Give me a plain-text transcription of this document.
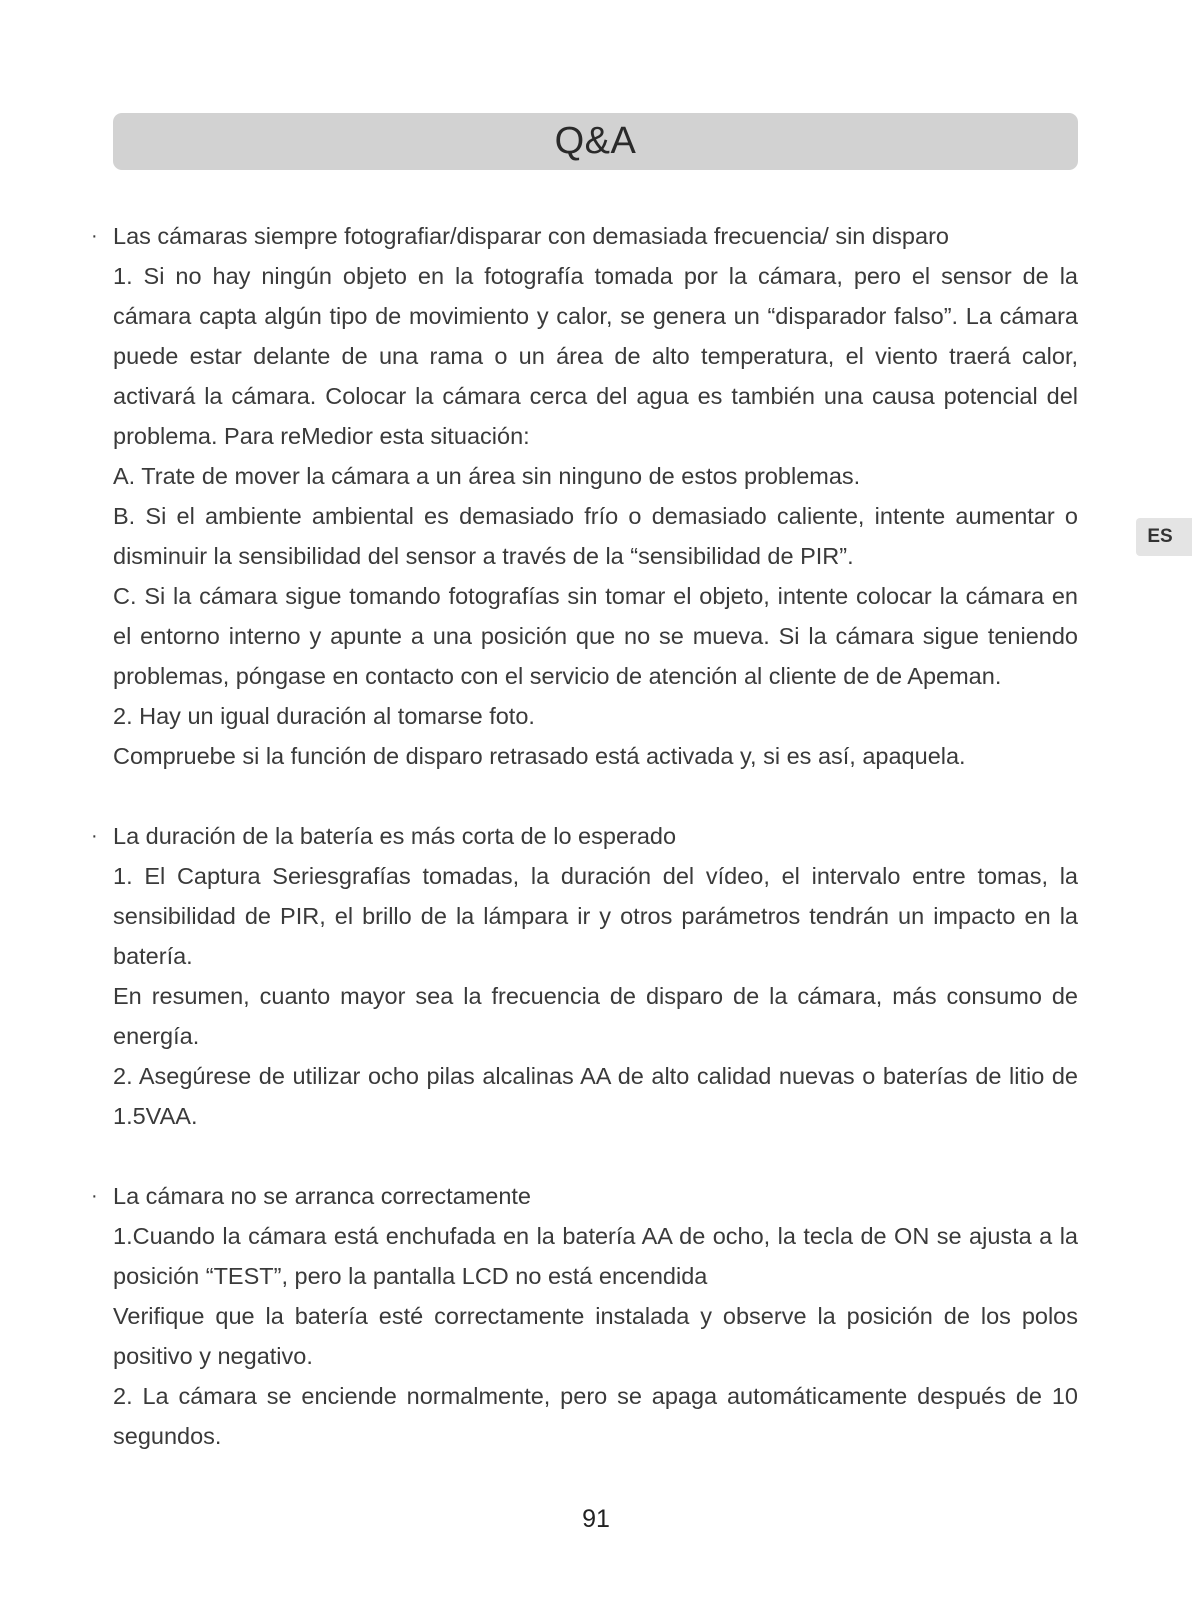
Q&A
ES

· Las cámaras siempre fotografiar/disparar con demasiada frecuencia/ sin disparo

1. Si no hay ningún objeto en la fotografía tomada por la cámara, pero el sensor de la cámara capta algún tipo de movimiento y calor, se genera un “disparador falso”. La cámara puede estar delante de una rama o un área de alto temperatura, el viento traerá calor, activará la cámara. Colocar la cámara cerca del agua es también una causa potencial del problema. Para reMedior esta situación:

A. Trate de mover la cámara a un área sin ninguno de estos problemas.

B. Si el ambiente ambiental es demasiado frío o demasiado caliente, intente aumentar o disminuir la sensibilidad del sensor a través de la “sensibilidad de PIR”.

C. Si la cámara sigue tomando fotografías sin tomar el objeto, intente colocar la cámara en el entorno interno y apunte a una posición que no se mueva. Si la cámara sigue teniendo problemas, póngase en contacto con el servicio de atención al cliente de de Apeman.

2. Hay un igual duración al tomarse foto.

Compruebe si la función de disparo retrasado está activada y, si es así, apaquela.

· La duración de la batería es más corta de lo esperado

1. El Captura Seriesgrafías tomadas, la duración del vídeo, el intervalo entre tomas, la sensibilidad de PIR, el brillo de la lámpara ir y otros parámetros tendrán un impacto en la batería.

En resumen, cuanto mayor sea la frecuencia de disparo de la cámara, más consumo de energía.

2. Asegúrese de utilizar ocho pilas alcalinas AA de alto calidad nuevas o baterías de litio de 1.5VAA.

· La cámara no se arranca correctamente

1.Cuando la cámara está enchufada en la batería AA de ocho, la tecla de ON se ajusta a la posición “TEST”, pero la pantalla LCD no está encendida

Verifique que la batería esté correctamente instalada y observe la posición de los polos positivo y negativo.

2. La cámara se enciende normalmente, pero se apaga automáticamente después de 10 segundos.

91
